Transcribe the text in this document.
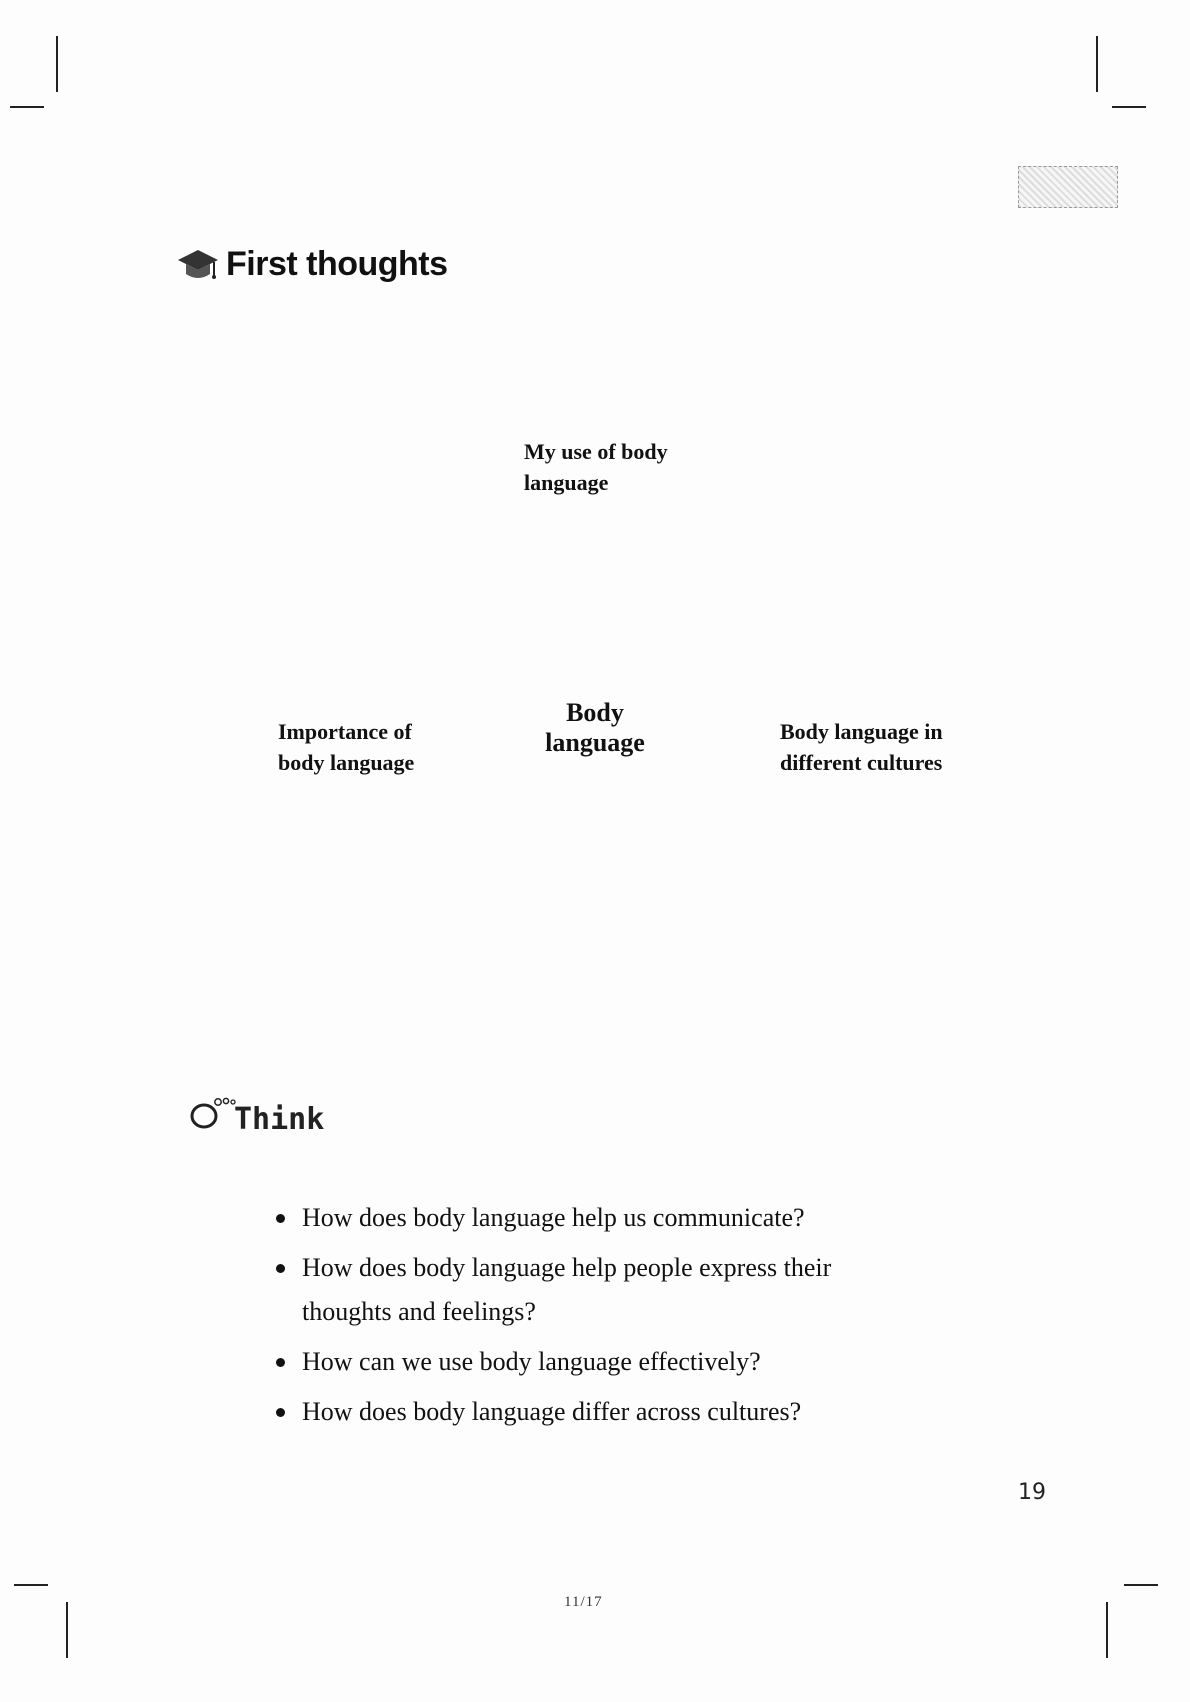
First thoughts
My use of body language
Importance of body language
Body language	Body language in different cultures
Think
How does body language help us communicate?
How does body language help people express their thoughts and feelings?
How can we use body language effectively?
How does body language differ across cultures?
19
11/17
